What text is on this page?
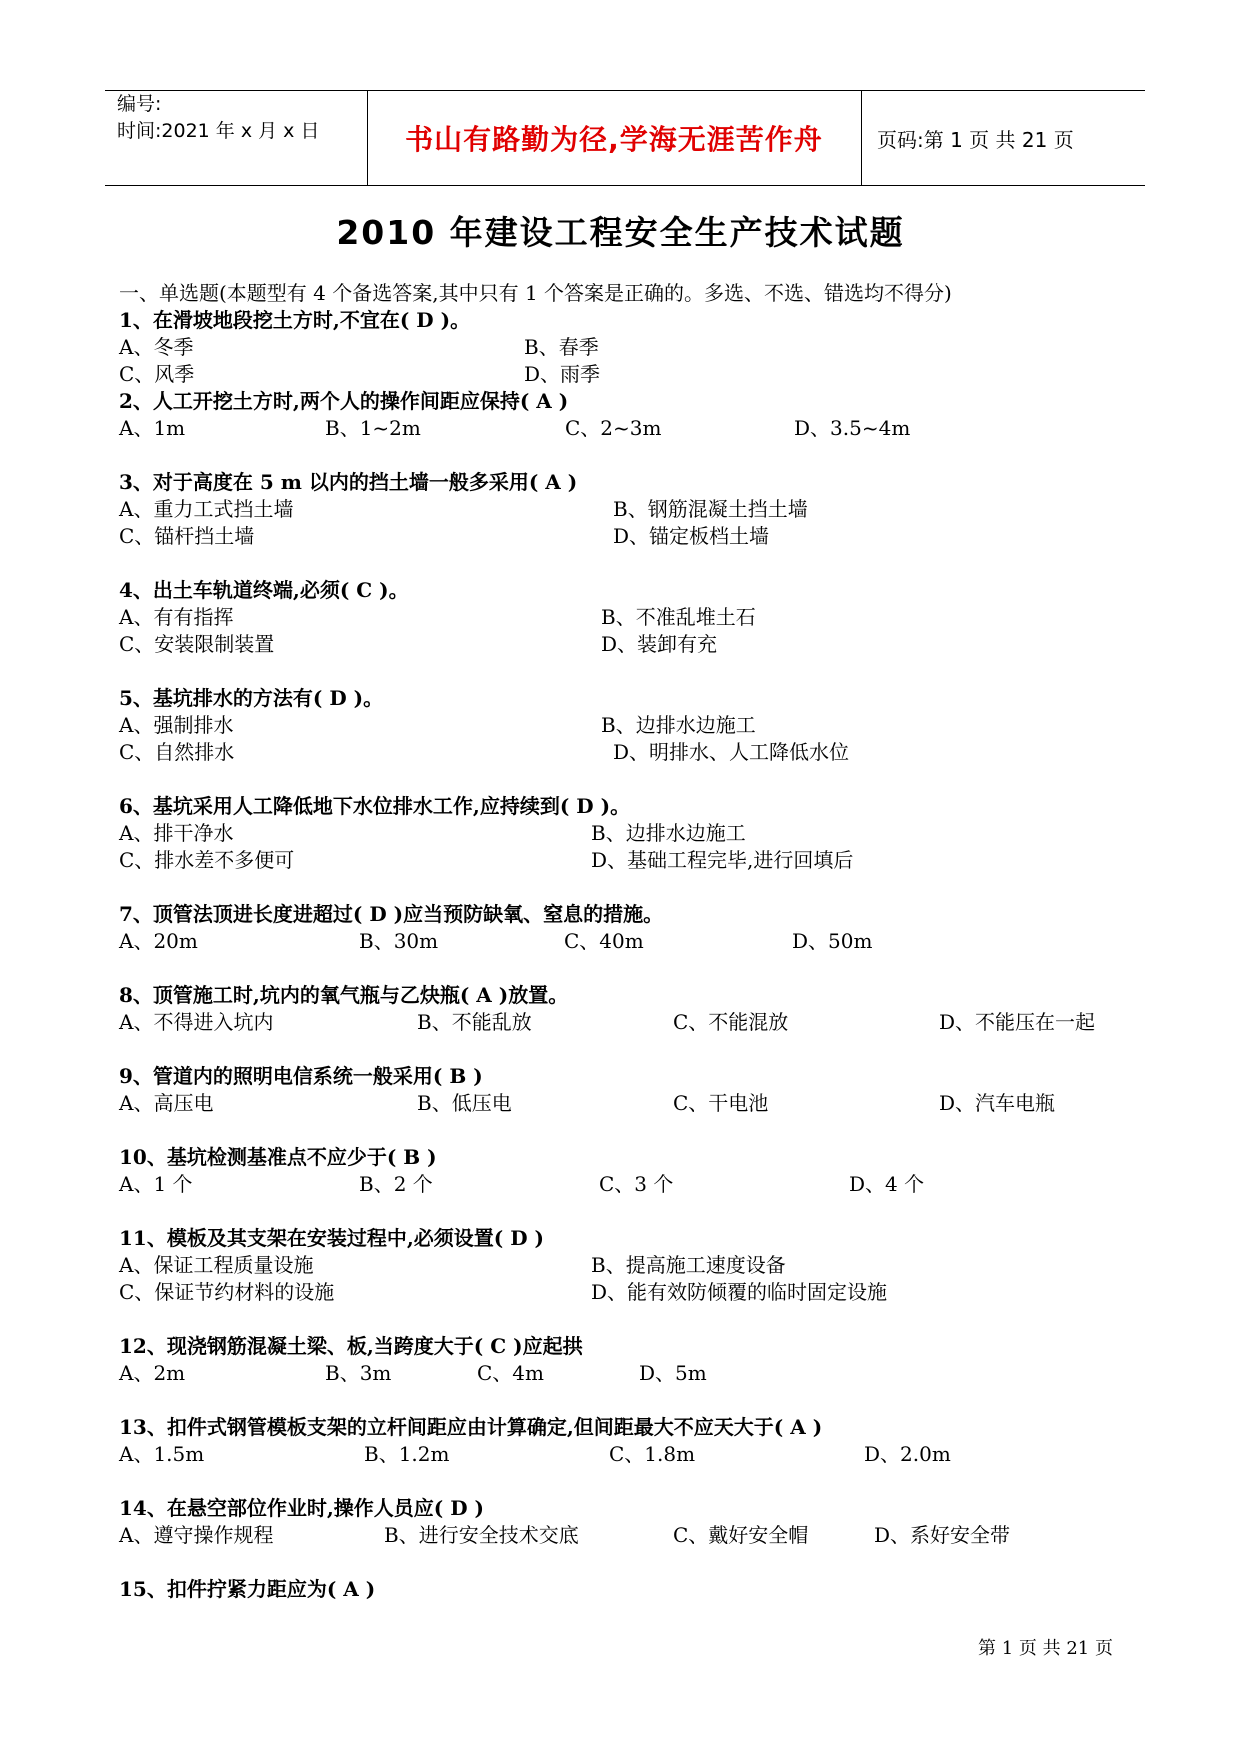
编号:
时间:2021 年 x 月 x 日	书山有路勤为径,学海无涯苦作舟	页码:第 1 页 共 21 页
2010 年建设工程安全生产技术试题
一、单选题(本题型有 4 个备选答案,其中只有 1 个答案是正确的。多选、不选、错选均不得分)
1、在滑坡地段挖土方时,不宜在( D )。
A、冬季	B、春季
C、风季	D、雨季
2、人工开挖土方时,两个人的操作间距应保持( A )
A、1m	B、1~2m	C、2~3m	D、3.5~4m
3、对于高度在 5 m 以内的挡土墙一般多采用( A )
A、重力工式挡土墙	B、钢筋混凝土挡土墙
C、锚杆挡土墙	D、锚定板档土墙
4、出土车轨道终端,必须( C )。
A、有有指挥	B、不准乱堆土石
C、安装限制装置	D、装卸有充
5、基坑排水的方法有( D )。
A、强制排水	B、边排水边施工
C、自然排水	D、明排水、人工降低水位
6、基坑采用人工降低地下水位排水工作,应持续到( D )。
A、排干净水	B、边排水边施工
C、排水差不多便可	D、基础工程完毕,进行回填后
7、顶管法顶进长度进超过( D )应当预防缺氧、窒息的措施。
A、20m	B、30m	C、40m	D、50m
8、顶管施工时,坑内的氧气瓶与乙炔瓶( A )放置。
A、不得进入坑内	B、不能乱放	C、不能混放	D、不能压在一起
9、管道内的照明电信系统一般采用( B )
A、高压电	B、低压电	C、干电池	D、汽车电瓶
10、基坑检测基准点不应少于( B )
A、1 个	B、2 个	C、3 个	D、4 个
11、模板及其支架在安装过程中,必须设置( D )
A、保证工程质量设施	B、提高施工速度设备
C、保证节约材料的设施	D、能有效防倾覆的临时固定设施
12、现浇钢筋混凝土梁、板,当跨度大于( C )应起拱
A、2m	B、3m	C、4m	D、5m
13、扣件式钢管模板支架的立杆间距应由计算确定,但间距最大不应天大于( A )
A、1.5m	B、1.2m	C、1.8m	D、2.0m
14、在悬空部位作业时,操作人员应( D )
A、遵守操作规程	B、进行安全技术交底	C、戴好安全帽	D、系好安全带
15、扣件拧紧力距应为( A )
第 1 页 共 21 页
